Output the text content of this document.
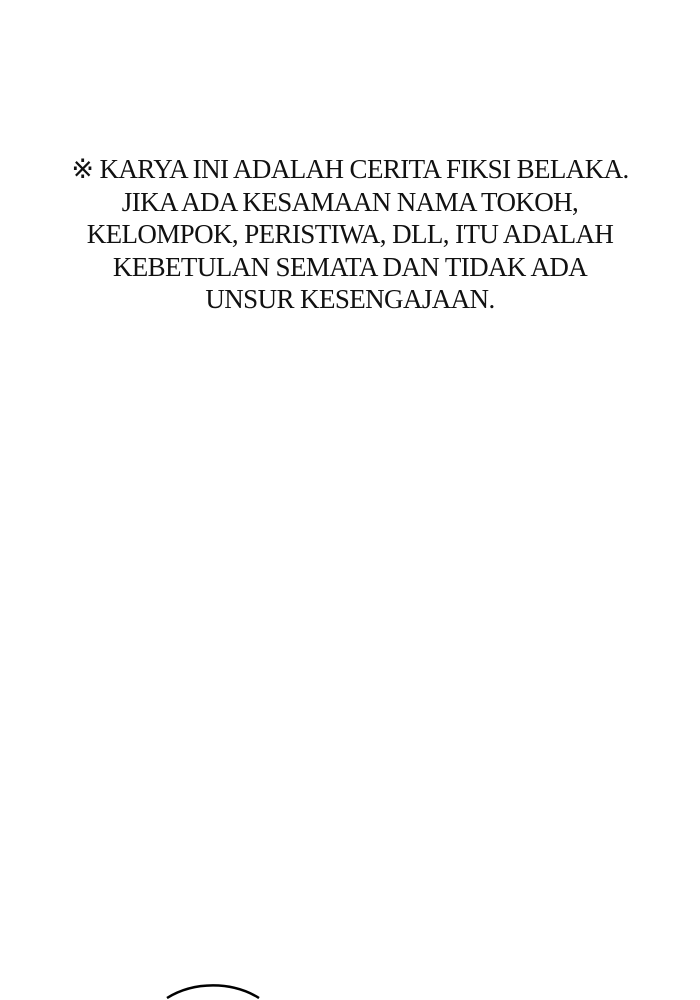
※ KARYA INI ADALAH CERITA FIKSI BELAKA.
JIKA ADA KESAMAAN NAMA TOKOH,
KELOMPOK, PERISTIWA, DLL, ITU ADALAH
KEBETULAN SEMATA DAN TIDAK ADA
UNSUR KESENGAJAAN.
